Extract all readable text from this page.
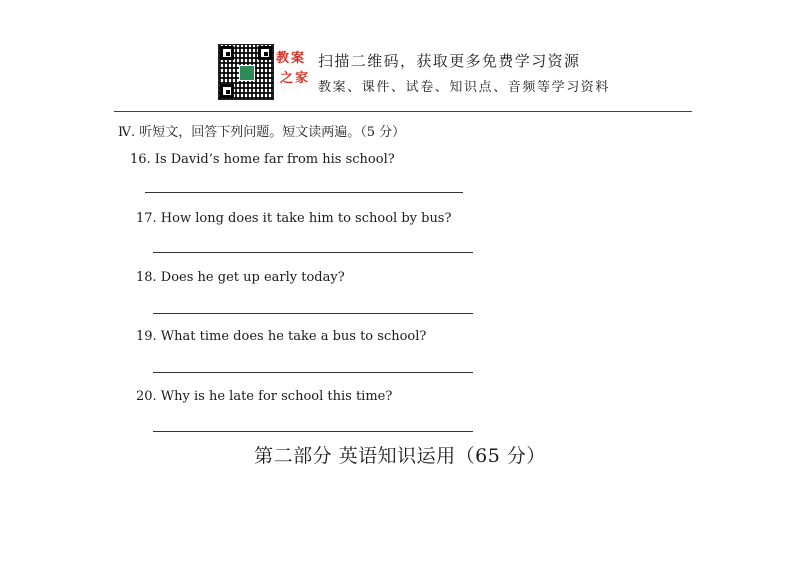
教案
之家
扫描二维码，获取更多免费学习资源
教案、课件、试卷、知识点、音频等学习资料
Ⅳ. 听短文，回答下列问题。短文读两遍。（5 分）
16. Is David’s home far from his school?
17. How long does it take him to school by bus?
18. Does he get up early today?
19. What time does he take a bus to school?
20. Why is he late for school this time?
第二部分 英语知识运用（65 分）
